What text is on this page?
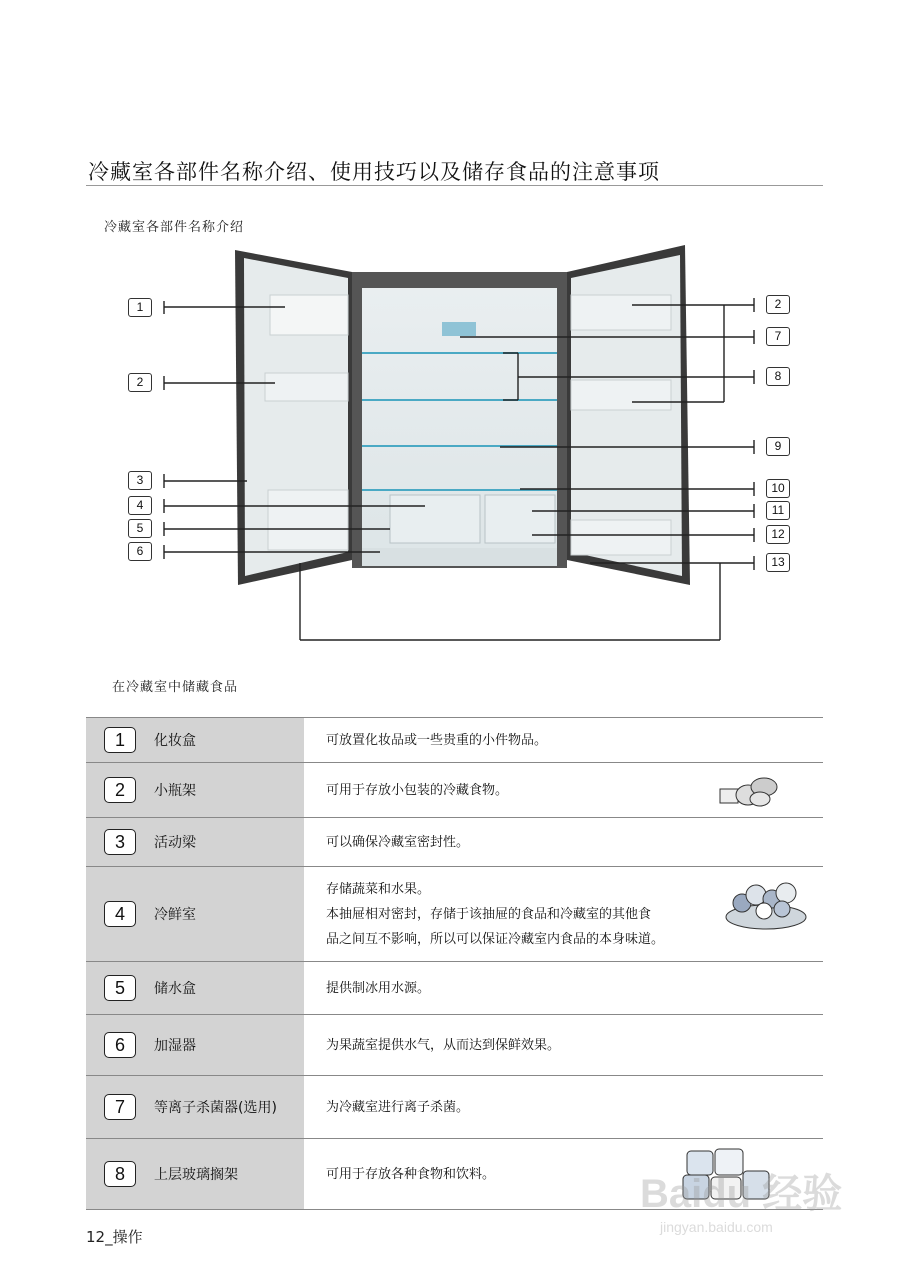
冷藏室各部件名称介绍、使用技巧以及储存食品的注意事项
冷藏室各部件名称介绍
1
2
3
4
5
6
2
7
8
9
10
11
12
13
在冷藏室中储藏食品
1	化妆盒	可放置化妆品或一些贵重的小件物品。
2	小瓶架	可用于存放小包装的冷藏食物。
3	活动梁	可以确保冷藏室密封性。
4	冷鲜室
存储蔬菜和水果。
本抽屉相对密封，存储于该抽屉的食品和冷藏室的其他食
品之间互不影响，所以可以保证冷藏室内食品的本身味道。
5	储水盒	提供制冰用水源。
6	加湿器	为果蔬室提供水气，从而达到保鲜效果。
7	等离子杀菌器(选用)	为冷藏室进行离子杀菌。
8	上层玻璃搁架	可用于存放各种食物和饮料。	Baidu 经验
jingyan.baidu.com
12_操作
